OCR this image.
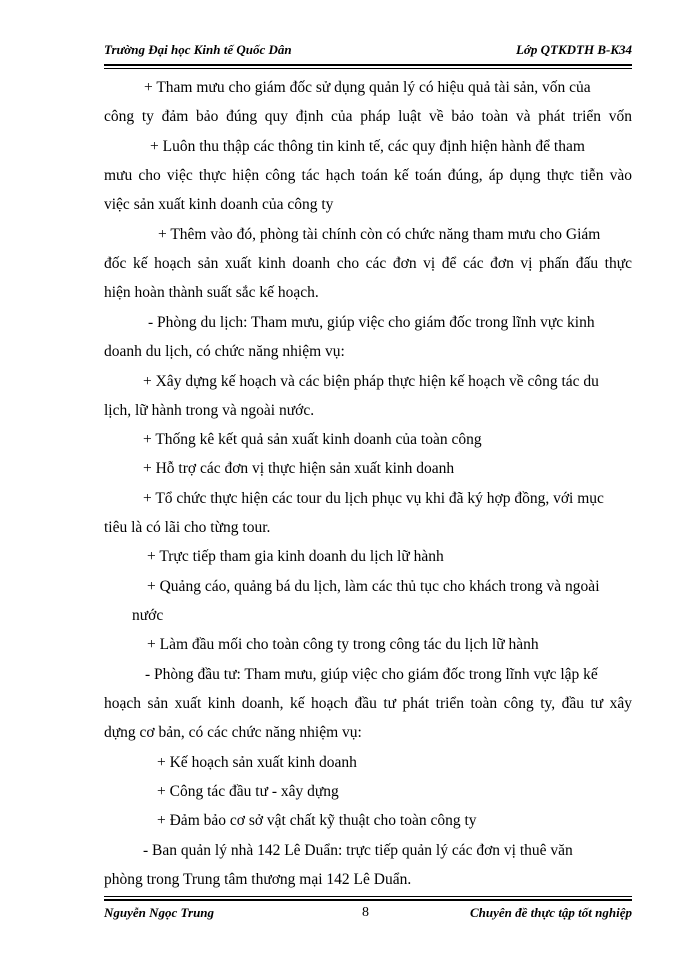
Trường Đại học Kinh tế Quốc Dân	Lớp QTKDTH B-K34
+ Tham mưu cho giám đốc sử dụng quản lý có hiệu quả tài sản, vốn của
công ty đảm bảo đúng quy định của pháp luật về bảo toàn và phát triển vốn
+ Luôn thu thập các thông tin kinh tế, các quy định hiện hành để tham
mưu cho việc thực hiện công tác hạch toán kế toán đúng, áp dụng thực tiễn vào
việc sản xuất kinh doanh của công ty
+ Thêm vào đó, phòng tài chính còn có chức năng tham mưu cho Giám
đốc kế hoạch sản xuất kinh doanh cho các đơn vị để các đơn vị phấn đấu thực
hiện hoàn thành suất sắc kế hoạch.
- Phòng du lịch: Tham mưu, giúp việc cho giám đốc trong lĩnh vực kinh
doanh du lịch, có chức năng nhiệm vụ:
+ Xây dựng kế hoạch và các biện pháp thực hiện kế hoạch về công tác du
lịch, lữ hành trong và ngoài nước.
+ Thống kê kết quả sản xuất kinh doanh của toàn công
+ Hỗ trợ các đơn vị thực hiện sản xuất kinh doanh
+ Tổ chức thực hiện các tour du lịch phục vụ khi đã ký hợp đồng, với mục
tiêu là có lãi cho từng tour.
+ Trực tiếp tham gia kinh doanh du lịch lữ hành
+ Quảng cáo, quảng bá du lịch, làm các thủ tục cho khách trong và ngoài
nước
+ Làm đầu mối cho toàn công ty trong công tác du lịch lữ hành
- Phòng đầu tư: Tham mưu, giúp việc cho giám đốc trong lĩnh vực lập kế
hoạch sản xuất kinh doanh, kế hoạch đầu tư phát triển toàn công ty, đầu tư xây
dựng cơ bản, có các chức năng nhiệm vụ:
+ Kế hoạch sản xuất kinh doanh
+ Công tác đầu tư - xây dựng
+ Đảm bảo cơ sở vật chất kỹ thuật cho toàn công ty
- Ban quản lý nhà 142 Lê Duẩn: trực tiếp quản lý các đơn vị thuê văn
phòng trong Trung tâm thương mại 142 Lê Duẩn.
Nguyễn Ngọc Trung	8	Chuyên đề thực tập tốt nghiệp
